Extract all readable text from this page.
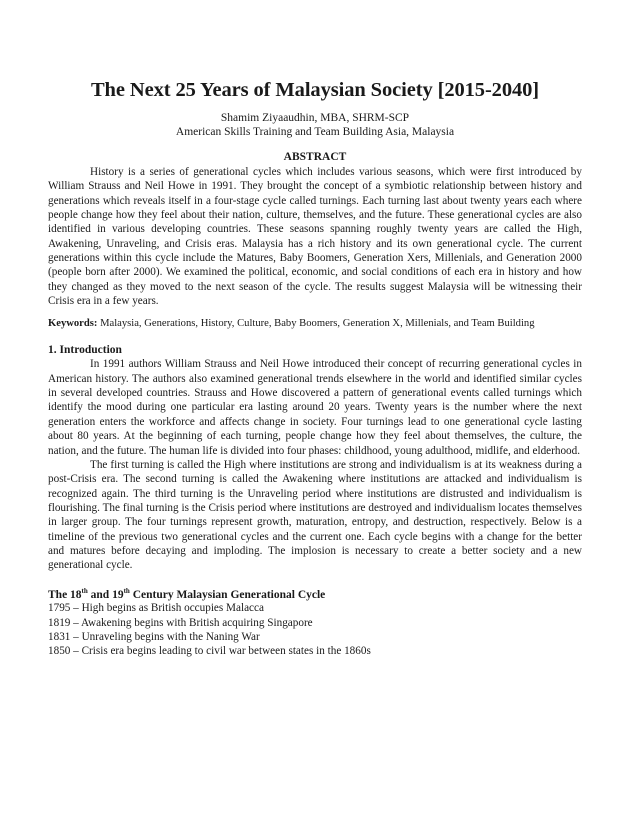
The Next 25 Years of Malaysian Society [2015-2040]

Shamim Ziyaaudhin, MBA, SHRM-SCP

American Skills Training and Team Building Asia, Malaysia

ABSTRACT

History is a series of generational cycles which includes various seasons, which were first introduced by William Strauss and Neil Howe in 1991. They brought the concept of a symbiotic relationship between history and generations which reveals itself in a four-stage cycle called turnings. Each turning last about twenty years each where people change how they feel about their nation, culture, themselves, and the future. These generational cycles are also identified in various developing countries. These seasons spanning roughly twenty years are called the High, Awakening, Unraveling, and Crisis eras. Malaysia has a rich history and its own generational cycle. The current generations within this cycle include the Matures, Baby Boomers, Generation Xers, Millenials, and Generation 2000 (people born after 2000). We examined the political, economic, and social conditions of each era in history and how they changed as they moved to the next season of the cycle. The results suggest Malaysia will be witnessing their Crisis era in a few years.

Keywords: Malaysia, Generations, History, Culture, Baby Boomers, Generation X, Millenials, and Team Building

1. Introduction

In 1991 authors William Strauss and Neil Howe introduced their concept of recurring generational cycles in American history. The authors also examined generational trends elsewhere in the world and identified similar cycles in several developed countries. Strauss and Howe discovered a pattern of generational events called turnings which identify the mood during one particular era lasting around 20 years. Twenty years is the number where the next generation enters the workforce and affects change in society. Four turnings lead to one generational cycle lasting about 80 years. At the beginning of each turning, people change how they feel about themselves, the culture, the nation, and the future. The human life is divided into four phases: childhood, young adulthood, midlife, and elderhood.

The first turning is called the High where institutions are strong and individualism is at its weakness during a post-Crisis era. The second turning is called the Awakening where institutions are attacked and individualism is recognized again. The third turning is the Unraveling period where institutions are distrusted and individualism is flourishing. The final turning is the Crisis period where institutions are destroyed and individualism locates themselves in larger group. The four turnings represent growth, maturation, entropy, and destruction, respectively. Below is a timeline of the previous two generational cycles and the current one. Each cycle begins with a change for the better and matures before decaying and imploding. The implosion is necessary to create a better society and a new generational cycle.

The 18th and 19th Century Malaysian Generational Cycle

1795 – High begins as British occupies Malacca
1819 – Awakening begins with British acquiring Singapore
1831 – Unraveling begins with the Naning War
1850 – Crisis era begins leading to civil war between states in the 1860s
